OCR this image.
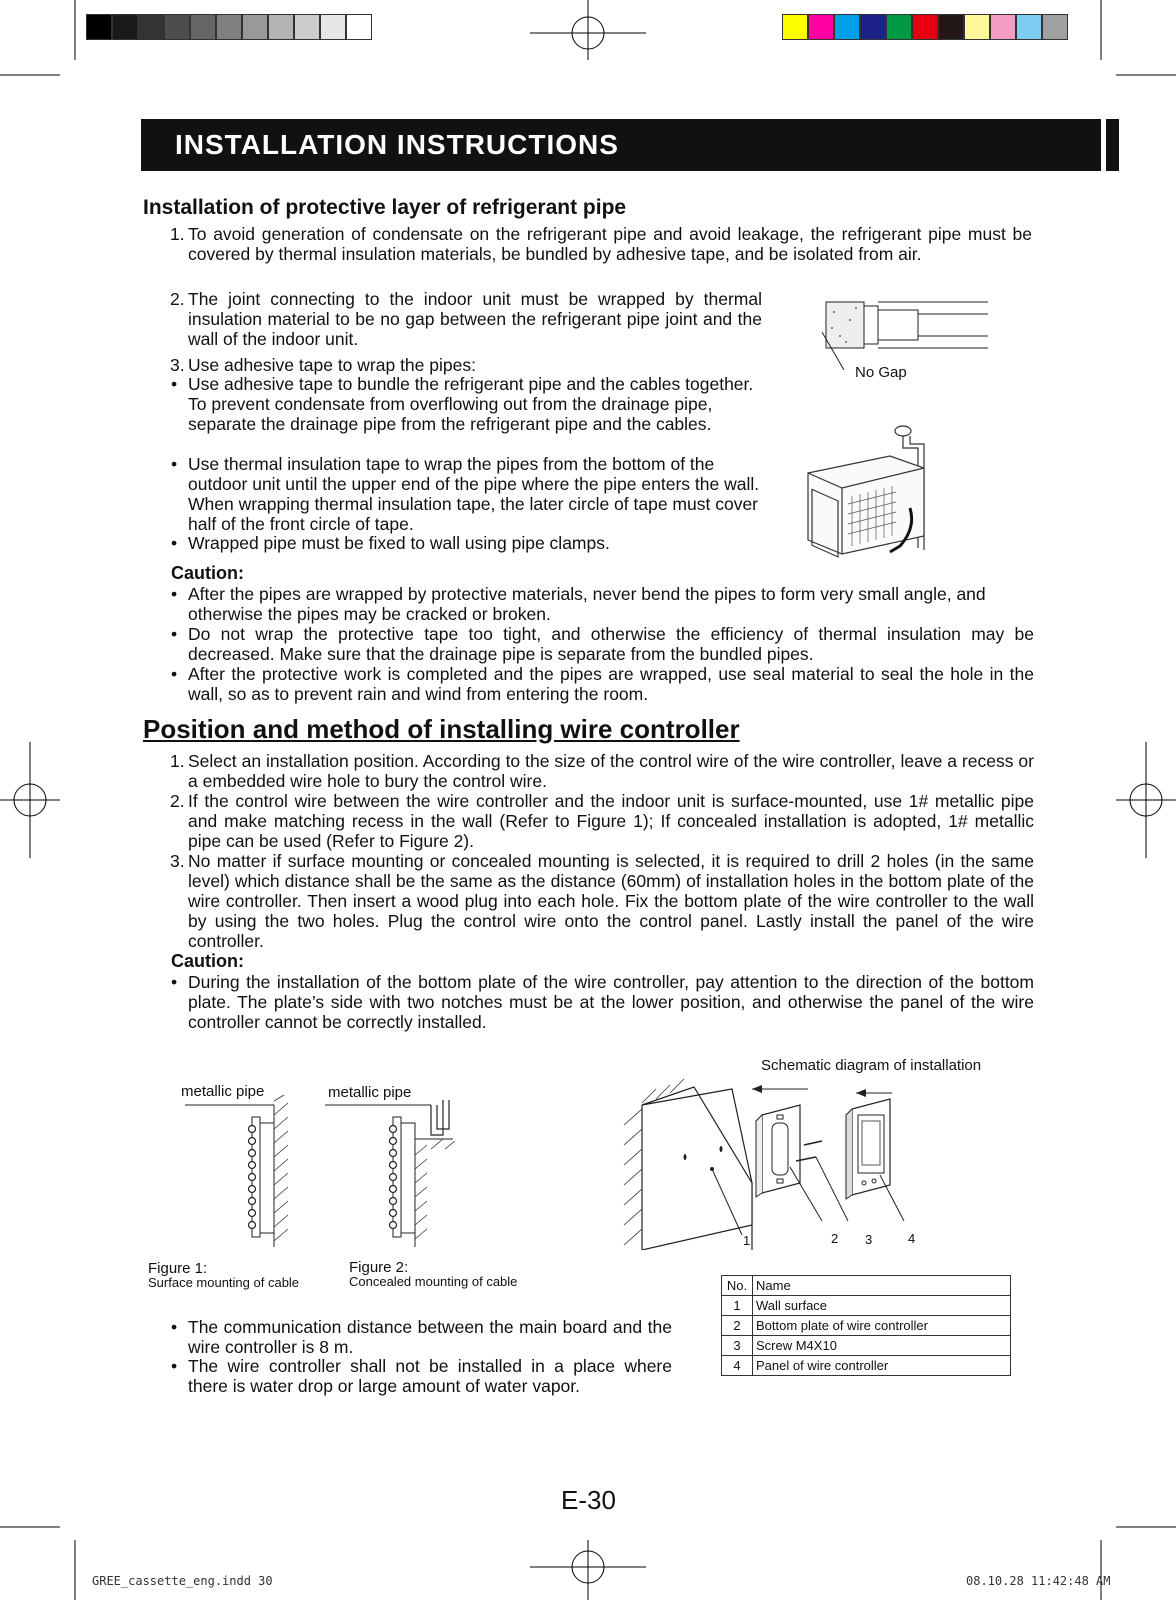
INSTALLATION INSTRUCTIONS
Installation of protective layer of refrigerant pipe
1. To avoid generation of condensate on the refrigerant pipe and avoid leakage, the refrigerant pipe must be covered by thermal insulation materials, be bundled by adhesive tape, and be isolated from air.
2. The joint connecting to the indoor unit must be wrapped by thermal insulation material to be no gap between the refrigerant pipe joint and the wall of the indoor unit.
3. Use adhesive tape to wrap the pipes:
• Use adhesive tape to bundle the refrigerant pipe and the cables together. To prevent condensate from overflowing out from the drainage pipe, separate the drainage pipe from the refrigerant pipe and the cables.
• Use thermal insulation tape to wrap the pipes from the bottom of the outdoor unit until the upper end of the pipe where the pipe enters the wall. When wrapping thermal insulation tape, the later circle of tape must cover half of the front circle of tape.
• Wrapped pipe must be fixed to wall using pipe clamps.
No Gap
Caution:
• After the pipes are wrapped by protective materials, never bend the pipes to form very small angle, and otherwise the pipes may be cracked or broken.
• Do not wrap the protective tape too tight, and otherwise the efficiency of thermal insulation may be decreased. Make sure that the drainage pipe is separate from the bundled pipes.
• After the protective work is completed and the pipes are wrapped, use seal material to seal the hole in the wall, so as to prevent rain and wind from entering the room.
Position and method of installing wire controller
1. Select an installation position. According to the size of the control wire of the wire controller, leave a recess or a embedded wire hole to bury the control wire.
2. If the control wire between the wire controller and the indoor unit is surface-mounted, use 1# metallic pipe and make matching recess in the wall (Refer to Figure 1); If concealed installation is adopted, 1# metallic pipe can be used (Refer to Figure 2).
3. No matter if surface mounting or concealed mounting is selected, it is required to drill 2 holes (in the same level) which distance shall be the same as the distance (60mm) of installation holes in the bottom plate of the wire controller. Then insert a wood plug into each hole. Fix the bottom plate of the wire controller to the wall by using the two holes. Plug the control wire onto the control panel. Lastly install the panel of the wire controller.
Caution:
• During the installation of the bottom plate of the wire controller, pay attention to the direction of the bottom plate. The plate’s side with two notches must be at the lower position, and otherwise the panel of the wire controller cannot be correctly installed.
metallic pipe	metallic pipe
Figure 1:
Surface mounting of cable
Figure 2:
Concealed mounting of cable
Schematic diagram of installation
1	2 3	4
No.	Name
1	Wall surface
2	Bottom plate of wire controller
3	Screw M4X10
4	Panel of wire controller
• The communication distance between the main board and the wire controller is 8 m.
• The wire controller shall not be installed in a place where there is water drop or large amount of water vapor.
E-30
GREE_cassette_eng.indd 30	08.10.28 11:42:48 AM
